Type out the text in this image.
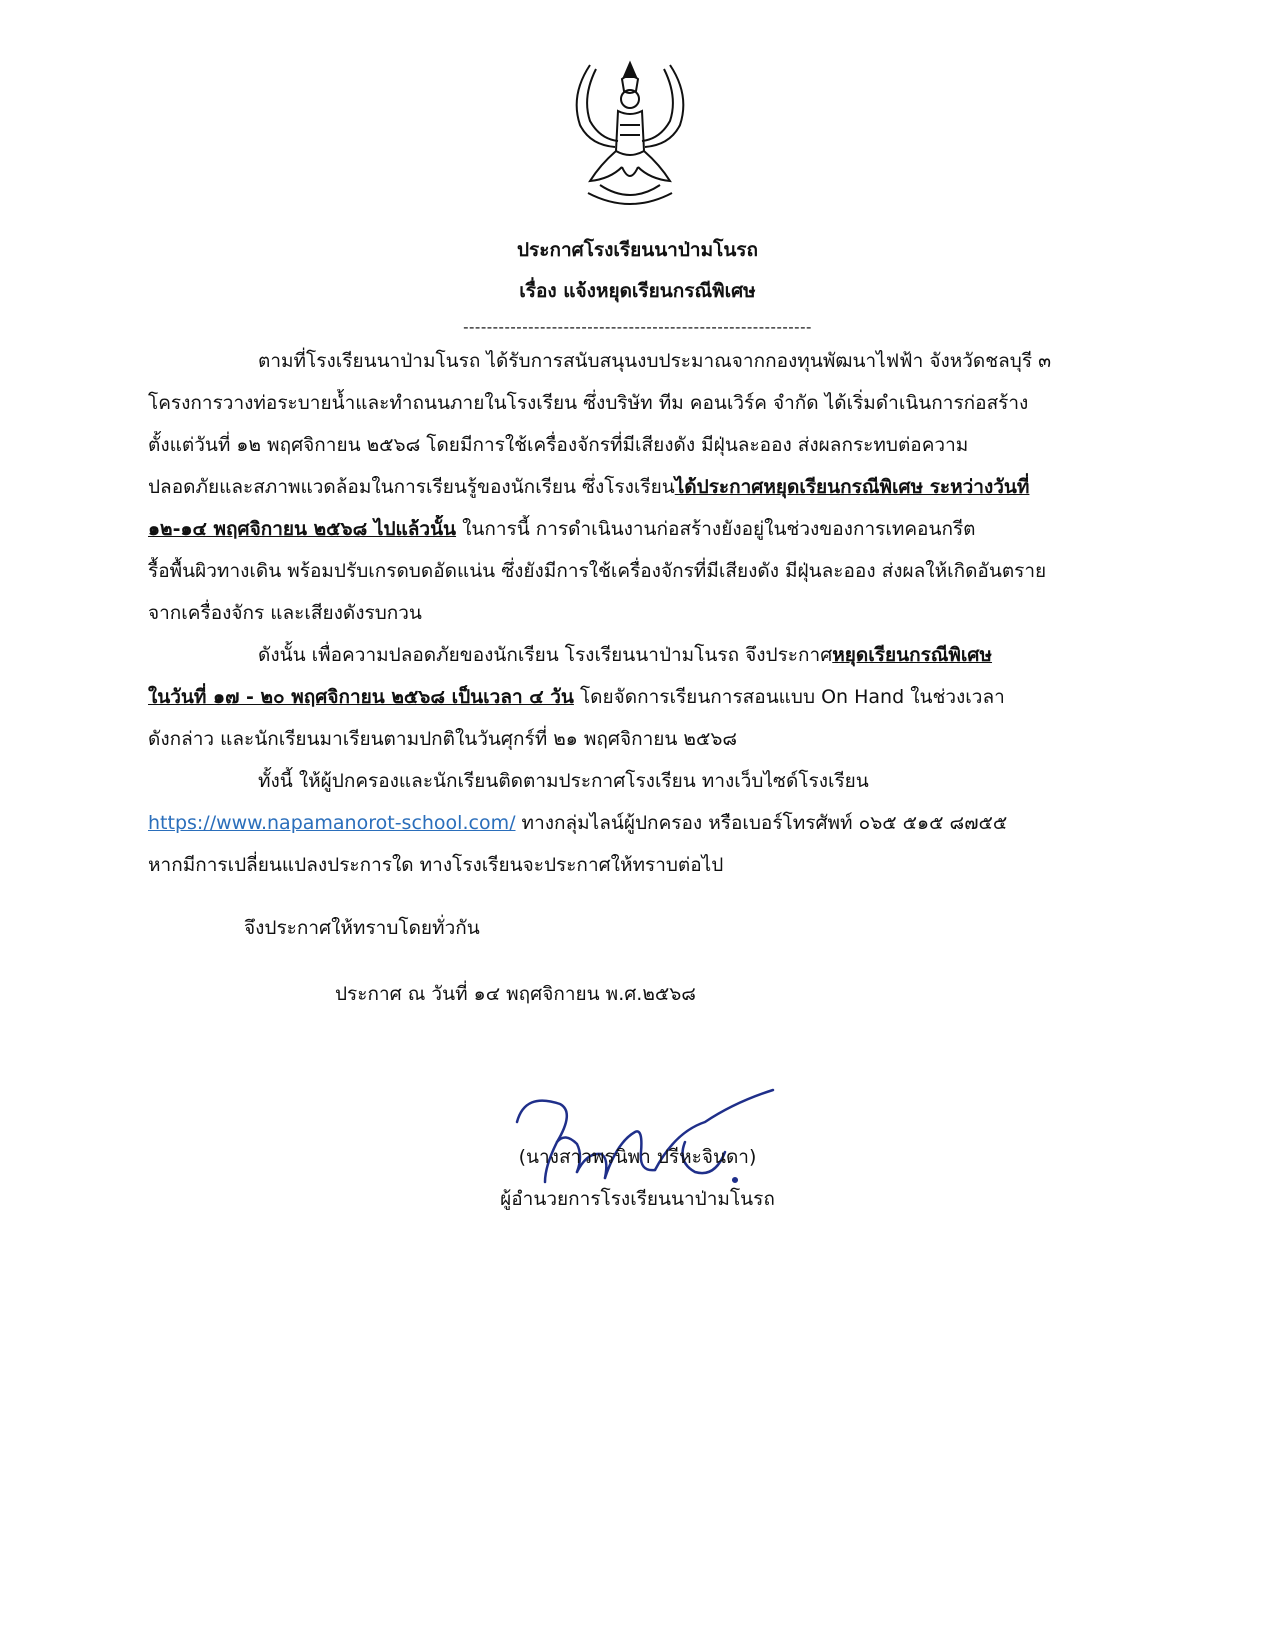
ประกาศโรงเรียนนาป่ามโนรถ
เรื่อง แจ้งหยุดเรียนกรณีพิเศษ
-----------------------------------------------------------
ตามที่โรงเรียนนาป่ามโนรถ ได้รับการสนับสนุนงบประมาณจากกองทุนพัฒนาไฟฟ้า จังหวัดชลบุรี ๓
โครงการวางท่อระบายน้ำและทำถนนภายในโรงเรียน ซึ่งบริษัท ทีม คอนเวิร์ค จำกัด ได้เริ่มดำเนินการก่อสร้าง
ตั้งแต่วันที่ ๑๒ พฤศจิกายน ๒๕๖๘ โดยมีการใช้เครื่องจักรที่มีเสียงดัง มีฝุ่นละออง ส่งผลกระทบต่อความ
ปลอดภัยและสภาพแวดล้อมในการเรียนรู้ของนักเรียน ซึ่งโรงเรียนได้ประกาศหยุดเรียนกรณีพิเศษ ระหว่างวันที่
๑๒-๑๔ พฤศจิกายน ๒๕๖๘ ไปแล้วนั้น ในการนี้ การดำเนินงานก่อสร้างยังอยู่ในช่วงของการเทคอนกรีต
รื้อพื้นผิวทางเดิน พร้อมปรับเกรดบดอัดแน่น ซึ่งยังมีการใช้เครื่องจักรที่มีเสียงดัง มีฝุ่นละออง ส่งผลให้เกิดอันตราย
จากเครื่องจักร และเสียงดังรบกวน
ดังนั้น เพื่อความปลอดภัยของนักเรียน โรงเรียนนาป่ามโนรถ จึงประกาศหยุดเรียนกรณีพิเศษ
ในวันที่ ๑๗ - ๒๐ พฤศจิกายน ๒๕๖๘ เป็นเวลา ๔ วัน โดยจัดการเรียนการสอนแบบ On Hand ในช่วงเวลา
ดังกล่าว และนักเรียนมาเรียนตามปกติในวันศุกร์ที่ ๒๑ พฤศจิกายน ๒๕๖๘
ทั้งนี้ ให้ผู้ปกครองและนักเรียนติดตามประกาศโรงเรียน ทางเว็บไซด์โรงเรียน
https://www.napamanorot-school.com/ ทางกลุ่มไลน์ผู้ปกครอง หรือเบอร์โทรศัพท์ ๐๖๕ ๕๑๕ ๘๗๕๕
หากมีการเปลี่ยนแปลงประการใด ทางโรงเรียนจะประกาศให้ทราบต่อไป
จึงประกาศให้ทราบโดยทั่วกัน
ประกาศ ณ วันที่ ๑๔ พฤศจิกายน พ.ศ.๒๕๖๘
(นางสาวพรนิพา ปรีหะจินดา)
ผู้อำนวยการโรงเรียนนาป่ามโนรถ
